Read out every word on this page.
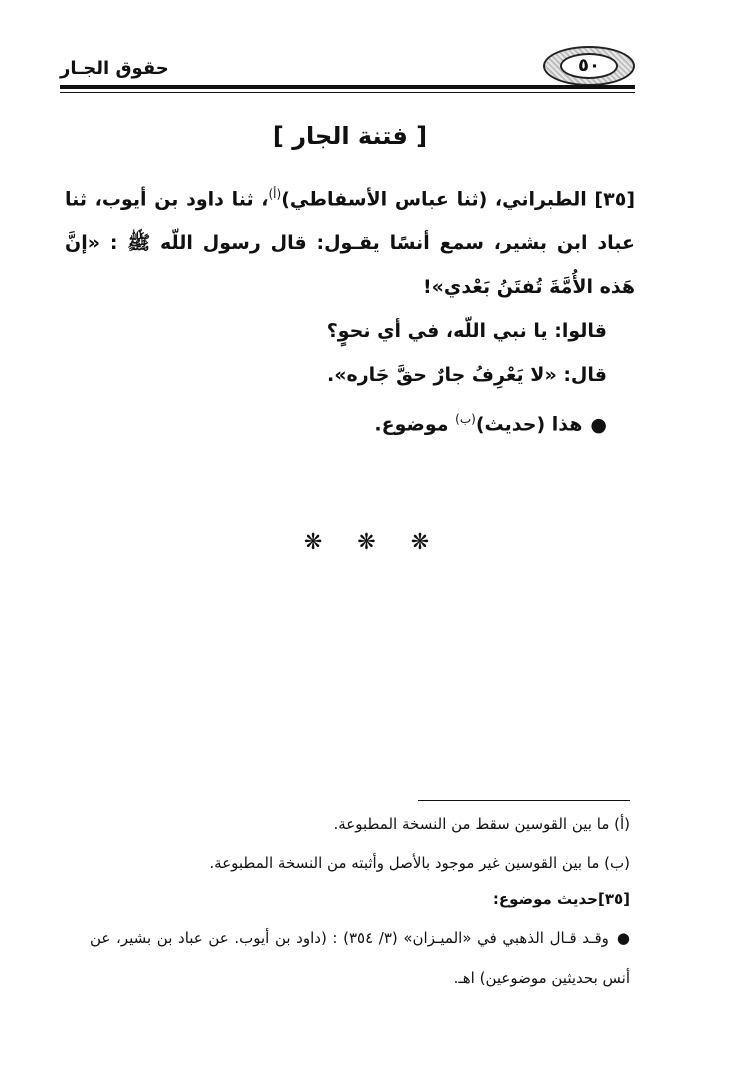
٥٠
حقوق الجـار
[ فتنة الجار ]

[٣٥] الطبراني، (ثنا عباس الأسفاطي)$^{(أ)}$، ثنا داود بن أيوب، ثنا عباد ابن بشير، سمع أنسًا يقـول: قال رسول اللّه ﷺ : «إنَّ هَذه الأُمَّةَ تُفتَنُ بَعْدي»!

قالوا: يا نبي اللّه، في أي نحوٍ؟

قال: «لا يَعْرِفُ جارٌ حقَّ جَاره».

●هذا (حديث)$^{(ب)}$ موضوع.

❋ ❋ ❋

(أ) ما بين القوسين سقط من النسخة المطبوعة.

(ب) ما بين القوسين غير موجود بالأصل وأثبته من النسخة المطبوعة.

[٣٥]حديث موضوع:

●وقـد قـال الذهبي في «الميـزان» (٣/ ٣٥٤) : (داود بن أيوب. عن عباد بن بشير، عن أنس بحديثين موضوعين) اهـ.
